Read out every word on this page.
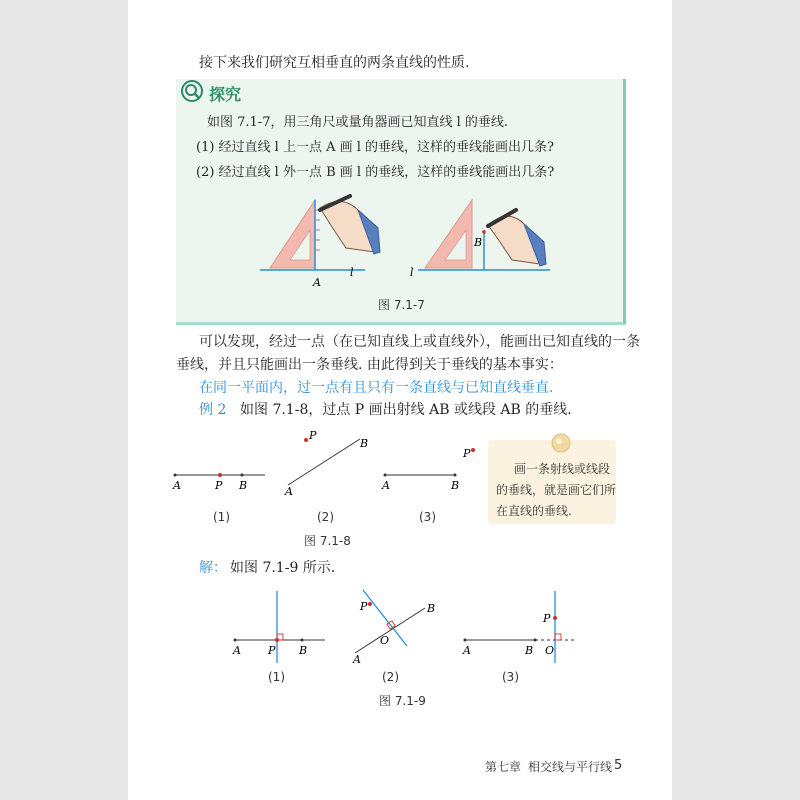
接下来我们研究互相垂直的两条直线的性质.
探究
如图 7.1-7，用三角尺或量角器画已知直线 l 的垂线.
(1) 经过直线 l 上一点 A 画 l 的垂线，这样的垂线能画出几条?
(2) 经过直线 l 外一点 B 画 l 的垂线，这样的垂线能画出几条?
A
l
B
l
图 7.1-7
可以发现，经过一点（在已知直线上或直线外），能画出已知直线的一条
垂线，并且只能画出一条垂线. 由此得到关于垂线的基本事实：
在同一平面内，过一点有且只有一条直线与已知直线垂直.
例 2 如图 7.1-8，过点 P 画出射线 AB 或线段 AB 的垂线.
A	P B
P
B
A
P
A	B
(1)	(2)	(3)
图 7.1-8
画一条射线或线段
的垂线，就是画它们所
在直线的垂线.
解： 如图 7.1-9 所示.
A P B
P	B
O
A
P
A	B O
(1)	(2)	(3)
图 7.1-9
第七章 相交线与平行线 5
